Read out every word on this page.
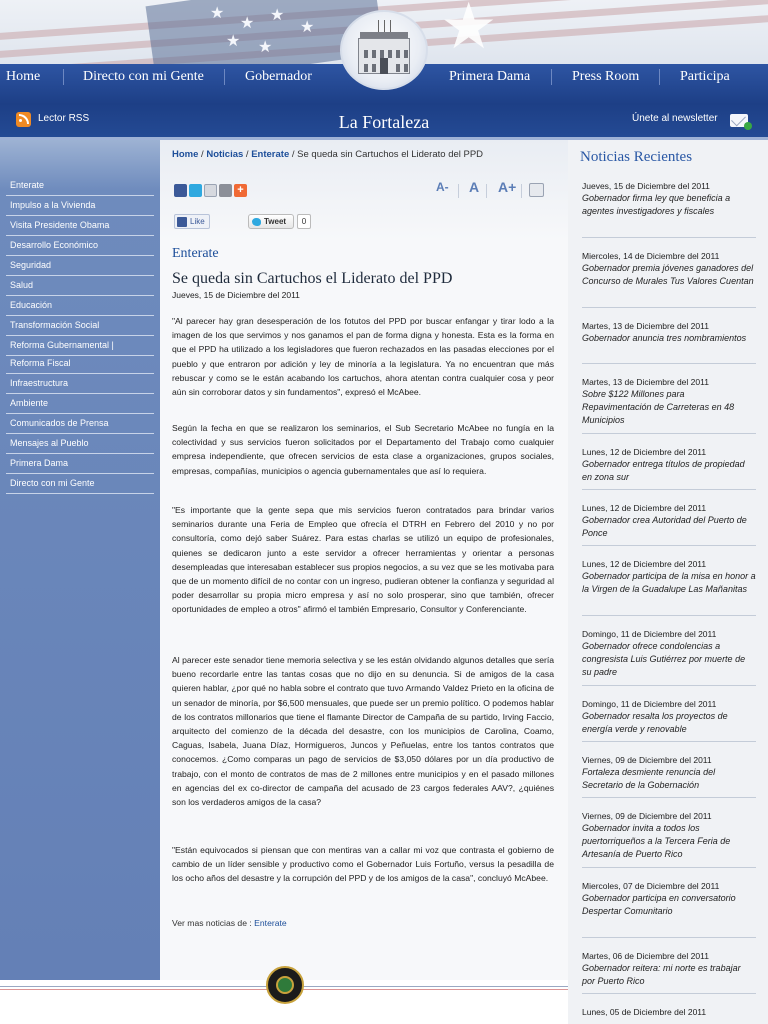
★
★ ★
★
★ ★	★
Home	Directo con mi Gente	Gobernador	Primera Dama	Press Room	Participa
Lector RSS	La Fortaleza	Únete al newsletter
Enterate
Impulso a la Vivienda
Visita Presidente Obama
Desarrollo Económico
Seguridad
Salud
Educación
Transformación Social
Reforma Gubernamental |
Reforma Fiscal
Infraestructura
Ambiente
Comunicados de Prensa
Mensajes al Pueblo
Primera Dama
Directo con mi Gente
Home / Noticias / Enterate / Se queda sin Cartuchos el Liderato del PPD
+	A- A A+
Like	Tweet	0
Enterate
Se queda sin Cartuchos el Liderato del PPD
Jueves, 15 de Diciembre del 2011

"Al parecer hay gran desesperación de los fotutos del PPD por buscar enfangar y tirar lodo a la imagen de los que servimos y nos ganamos el pan de forma digna y honesta. Esta es la forma en que el PPD ha utilizado a los legisladores que fueron rechazados en las pasadas elecciones por el pueblo y que entraron por adición y ley de minoría a la legislatura. Ya no encuentran que más rebuscar y como se le están acabando los cartuchos, ahora atentan contra cualquier cosa y peor aún sin corroborar datos y sin fundamentos", expresó el McAbee.

Según la fecha en que se realizaron los seminarios, el Sub Secretario McAbee no fungía en la colectividad y sus servicios fueron solicitados por el Departamento del Trabajo como cualquier empresa independiente, que ofrecen servicios de esta clase a organizaciones, grupos sociales, empresas, compañías, municipios o agencia gubernamentales que así lo requiera.

"Es importante que la gente sepa que mis servicios fueron contratados para brindar varios seminarios durante una Feria de Empleo que ofrecía el DTRH en Febrero del 2010 y no por consultoría, como dejó saber Suárez. Para estas charlas se utilizó un equipo de profesionales, quienes se dedicaron junto a este servidor a ofrecer herramientas y orientar a personas desempleadas que interesaban establecer sus propios negocios, a su vez que se les motivaba para que de un momento difícil de no contar con un ingreso, pudieran obtener la confianza y seguridad al poder desarrollar su propia micro empresa y así no solo prosperar, sino que también, ofrecer oportunidades de empleo a otros" afirmó el también Empresario, Consultor y Conferenciante.

Al parecer este senador tiene memoria selectiva y se les están olvidando algunos detalles que sería bueno recordarle entre las tantas cosas que no dijo en su denuncia. Si de amigos de la casa quieren hablar, ¿por qué no habla sobre el contrato que tuvo Armando Valdez Prieto en la oficina de un senador de minoría, por $6,500 mensuales, que puede ser un premio político. O podemos hablar de los contratos millonarios que tiene el flamante Director de Campaña de su partido, Irving Faccio, arquitecto del comienzo de la década del desastre, con los municipios de Carolina, Coamo, Caguas, Isabela, Juana Díaz, Hormigueros, Juncos y Peñuelas, entre los tantos contratos que conocemos. ¿Como comparas un pago de servicios de $3,050 dólares por un día productivo de trabajo, con el monto de contratos de mas de 2 millones entre municipios y en el pasado millones en agencias del ex co-director de campaña del acusado de 23 cargos federales AAV?, ¿quiénes son los verdaderos amigos de la casa?

"Están equivocados si piensan que con mentiras van a callar mi voz que contrasta el gobierno de cambio de un líder sensible y productivo como el Gobernador Luis Fortuño, versus la pesadilla de los ocho años del desastre y la corrupción del PPD y de los amigos de la casa", concluyó McAbee.

Ver mas noticias de : Enterate
Noticias Recientes
Jueves, 15 de Diciembre del 2011
Gobernador firma ley que beneficia a agentes investigadores y fiscales
Miercoles, 14 de Diciembre del 2011
Gobernador premia jóvenes ganadores del Concurso de Murales Tus Valores Cuentan
Martes, 13 de Diciembre del 2011
Gobernador anuncia tres nombramientos
Martes, 13 de Diciembre del 2011
Sobre $122 Millones para Repavimentación de Carreteras en 48 Municipios
Lunes, 12 de Diciembre del 2011
Gobernador entrega títulos de propiedad en zona sur
Lunes, 12 de Diciembre del 2011
Gobernador crea Autoridad del Puerto de Ponce
Lunes, 12 de Diciembre del 2011
Gobernador participa de la misa en honor a la Virgen de la Guadalupe Las Mañanitas
Domingo, 11 de Diciembre del 2011
Gobernador ofrece condolencias a congresista Luis Gutiérrez por muerte de su padre
Domingo, 11 de Diciembre del 2011
Gobernador resalta los proyectos de energía verde y renovable
Viernes, 09 de Diciembre del 2011
Fortaleza desmiente renuncia del Secretario de la Gobernación
Viernes, 09 de Diciembre del 2011
Gobernador invita a todos los puertorriqueños a la Tercera Feria de Artesanía de Puerto Rico
Miercoles, 07 de Diciembre del 2011
Gobernador participa en conversatorio Despertar Comunitario
Martes, 06 de Diciembre del 2011
Gobernador reitera: mi norte es trabajar por Puerto Rico
Lunes, 05 de Diciembre del 2011
